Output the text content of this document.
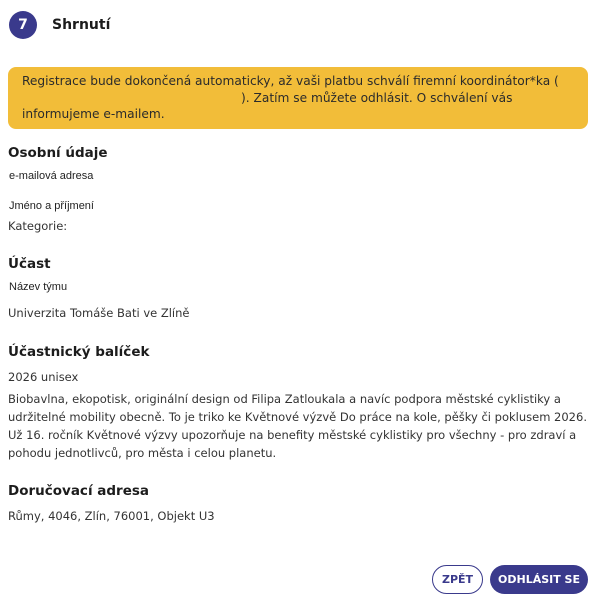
7	Shrnutí
Registrace bude dokončená automaticky, až vaši platbu schválí firemní koordinátor*ka (). Zatím se můžete odhlásit. O schválení vás informujeme e-mailem.
Osobní údaje
e-mailová adresa
Jméno a příjmení
Kategorie:
Účast
Název týmu
Univerzita Tomáše Bati ve Zlíně
Účastnický balíček
2026 unisex
Biobavlna, ekopotisk, originální design od Filipa Zatloukala a navíc podpora městské cyklistiky a udržitelné mobility obecně. To je triko ke Květnové výzvě Do práce na kole, pěšky či poklusem 2026. Už 16. ročník Květnové výzvy upozorňuje na benefity městské cyklistiky pro všechny - pro zdraví a pohodu jednotlivců, pro města i celou planetu.
Doručovací adresa
Růmy, 4046, Zlín, 76001, Objekt U3
ZPĚT	ODHLÁSIT SE
